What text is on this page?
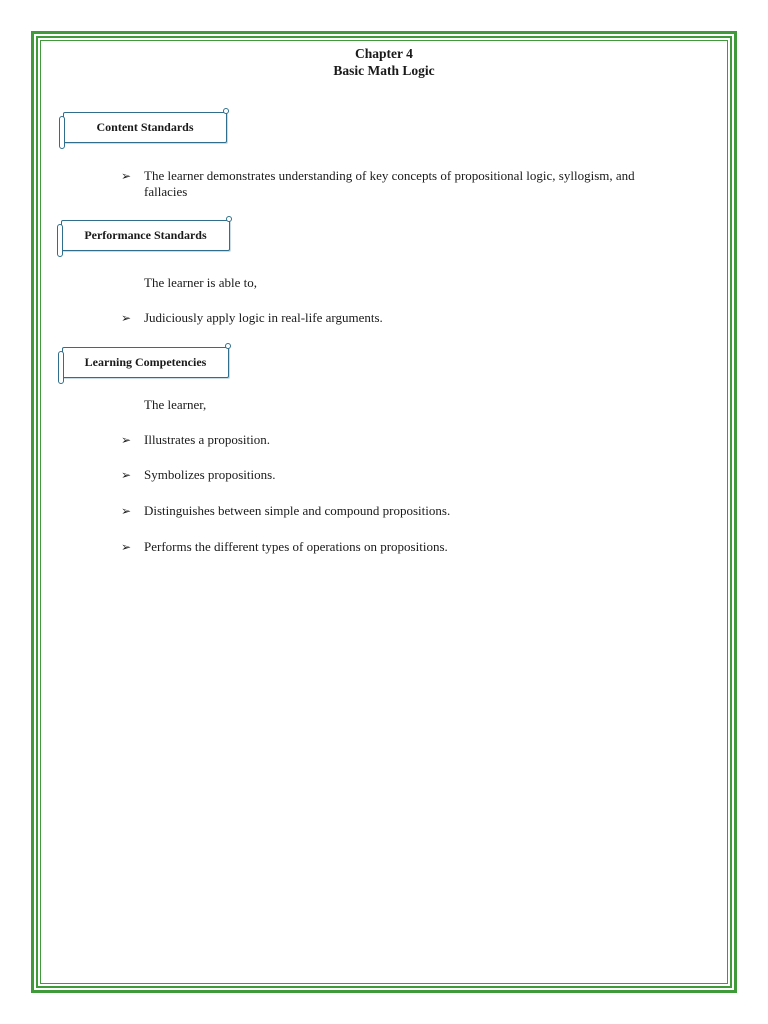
Chapter 4
Basic Math Logic
Content Standards
➢ The learner demonstrates understanding of key concepts of propositional logic, syllogism, and
fallacies
Performance Standards
The learner is able to,
➢ Judiciously apply logic in real-life arguments.
Learning Competencies
The learner,
➢ Illustrates a proposition.
➢ Symbolizes propositions.
➢ Distinguishes between simple and compound propositions.
➢ Performs the different types of operations on propositions.
